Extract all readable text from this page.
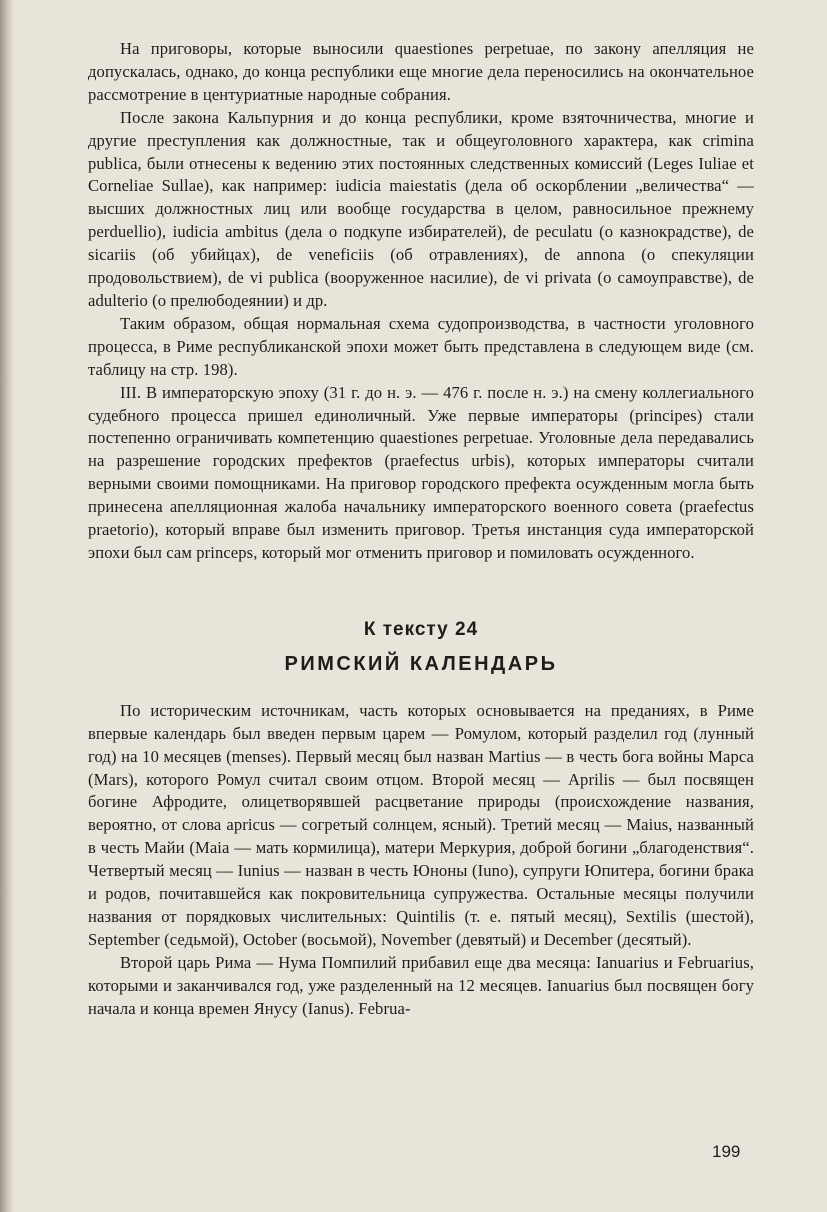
На приговоры, которые выносили quaestiones perpetuae, по закону апелляция не допускалась, однако, до конца республики еще многие дела переносились на окончательное рассмотрение в центуриатные народные собрания.

После закона Кальпурния и до конца республики, кроме взяточничества, многие и другие преступления как должностные, так и общеуголовного характера, как crimina publica, были отнесены к ведению этих постоянных следственных комиссий (Leges Iuliae et Corneliae Sullae), как например: iudicia maiestatis (дела об оскорблении „величества“ — высших должностных лиц или вообще государства в целом, равносильное прежнему perduellio), iudicia ambitus (дела о подкупе избирателей), de peculatu (о казнокрадстве), de sicariis (об убийцах), de veneficiis (об отравлениях), de annona (о спекуляции продовольствием), de vi publica (вооруженное насилие), de vi privata (о самоуправстве), de adulterio (о прелюбодеянии) и др.

Таким образом, общая нормальная схема судопроизводства, в частности уголовного процесса, в Риме республиканской эпохи может быть представлена в следующем виде (см. таблицу на стр. 198).

III. В императорскую эпоху (31 г. до н. э. — 476 г. после н. э.) на смену коллегиального судебного процесса пришел единоличный. Уже первые императоры (principes) стали постепенно ограничивать компетенцию quaestiones perpetuae. Уголовные дела передавались на разрешение городских префектов (praefectus urbis), которых императоры считали верными своими помощниками. На приговор городского префекта осужденным могла быть принесена апелляционная жалоба начальнику императорского военного совета (praefectus praetorio), который вправе был изменить приговор. Третья инстанция суда императорской эпохи был сам princeps, который мог отменить приговор и помиловать осужденного.

К тексту 24
РИМСКИЙ КАЛЕНДАРЬ

По историческим источникам, часть которых основывается на преданиях, в Риме впервые календарь был введен первым царем — Ромулом, который разделил год (лунный год) на 10 месяцев (menses). Первый месяц был назван Martius — в честь бога войны Марса (Mars), которого Ромул считал своим отцом. Второй месяц — Aprilis — был посвящен богине Афродите, олицетворявшей расцветание природы (происхождение названия, вероятно, от слова apricus — согретый солнцем, ясный). Третий месяц — Maius, названный в честь Майи (Maia — мать кормилица), матери Меркурия, доброй богини „благоденствия“. Четвертый месяц — Iunius — назван в честь Юноны (Iuno), супруги Юпитера, богини брака и родов, почитавшейся как покровительница супружества. Остальные месяцы получили названия от порядковых числительных: Quintilis (т. е. пятый месяц), Sextilis (шестой), September (седьмой), October (восьмой), November (девятый) и December (десятый).

Второй царь Рима — Нума Помпилий прибавил еще два месяца: Ianuarius и Februarius, которыми и заканчивался год, уже разделенный на 12 месяцев. Ianuarius был посвящен богу начала и конца времен Янусу (Ianus). Februa-

199
